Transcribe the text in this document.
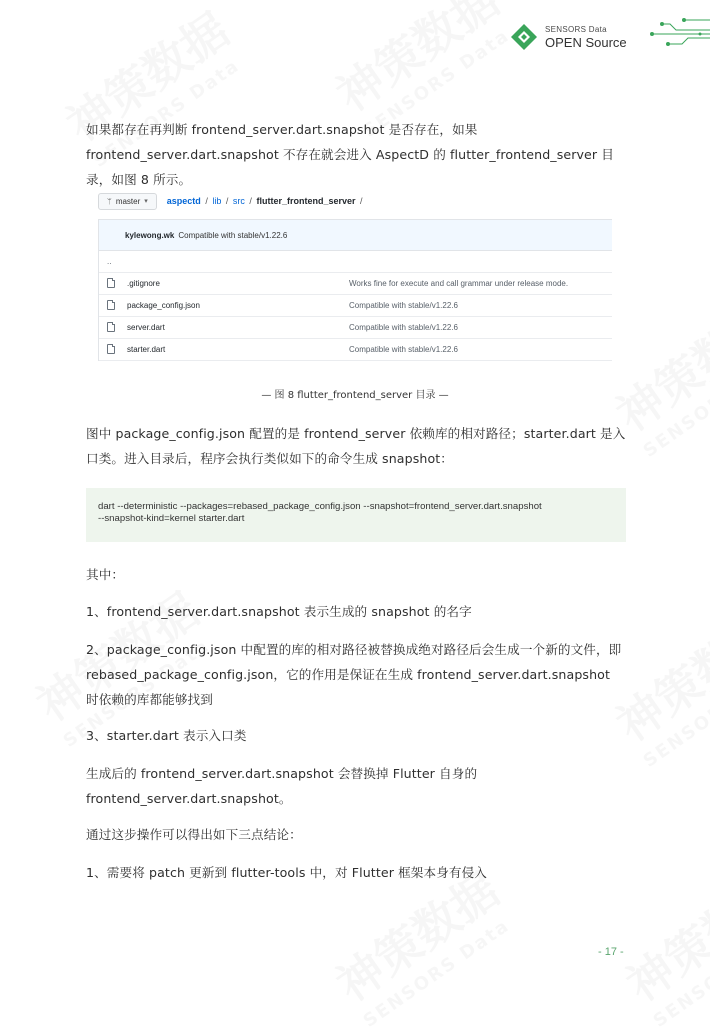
SENSORS Data
OPEN Source
如果都存在再判断 frontend_server.dart.snapshot 是否存在，如果 frontend_server.dart.snapshot 不存在就会进入 AspectD 的 flutter_frontend_server 目录，如图 8 所示。
ᛘ master ▾ aspectd / lib / src / flutter_frontend_server /
kylewong.wk Compatible with stable/v1.22.6
..
.gitignore	Works fine for execute and call grammar under release mode.
package_config.json	Compatible with stable/v1.22.6
server.dart	Compatible with stable/v1.22.6
starter.dart	Compatible with stable/v1.22.6
— 图 8 flutter_frontend_server 目录 —
图中 package_config.json 配置的是 frontend_server 依赖库的相对路径；starter.dart 是入口类。进入目录后，程序会执行类似如下的命令生成 snapshot：
dart --deterministic --packages=rebased_package_config.json --snapshot=frontend_server.dart.snapshot
--snapshot-kind=kernel starter.dart
其中：
1、frontend_server.dart.snapshot 表示生成的 snapshot 的名字
2、package_config.json 中配置的库的相对路径被替换成绝对路径后会生成一个新的文件，即 rebased_package_config.json，它的作用是保证在生成 frontend_server.dart.snapshot 时依赖的库都能够找到
3、starter.dart 表示入口类
生成后的 frontend_server.dart.snapshot 会替换掉 Flutter 自身的 frontend_server.dart.snapshot。
通过这步操作可以得出如下三点结论：
1、需要将 patch 更新到 flutter-tools 中，对 Flutter 框架本身有侵入
- 17 -
